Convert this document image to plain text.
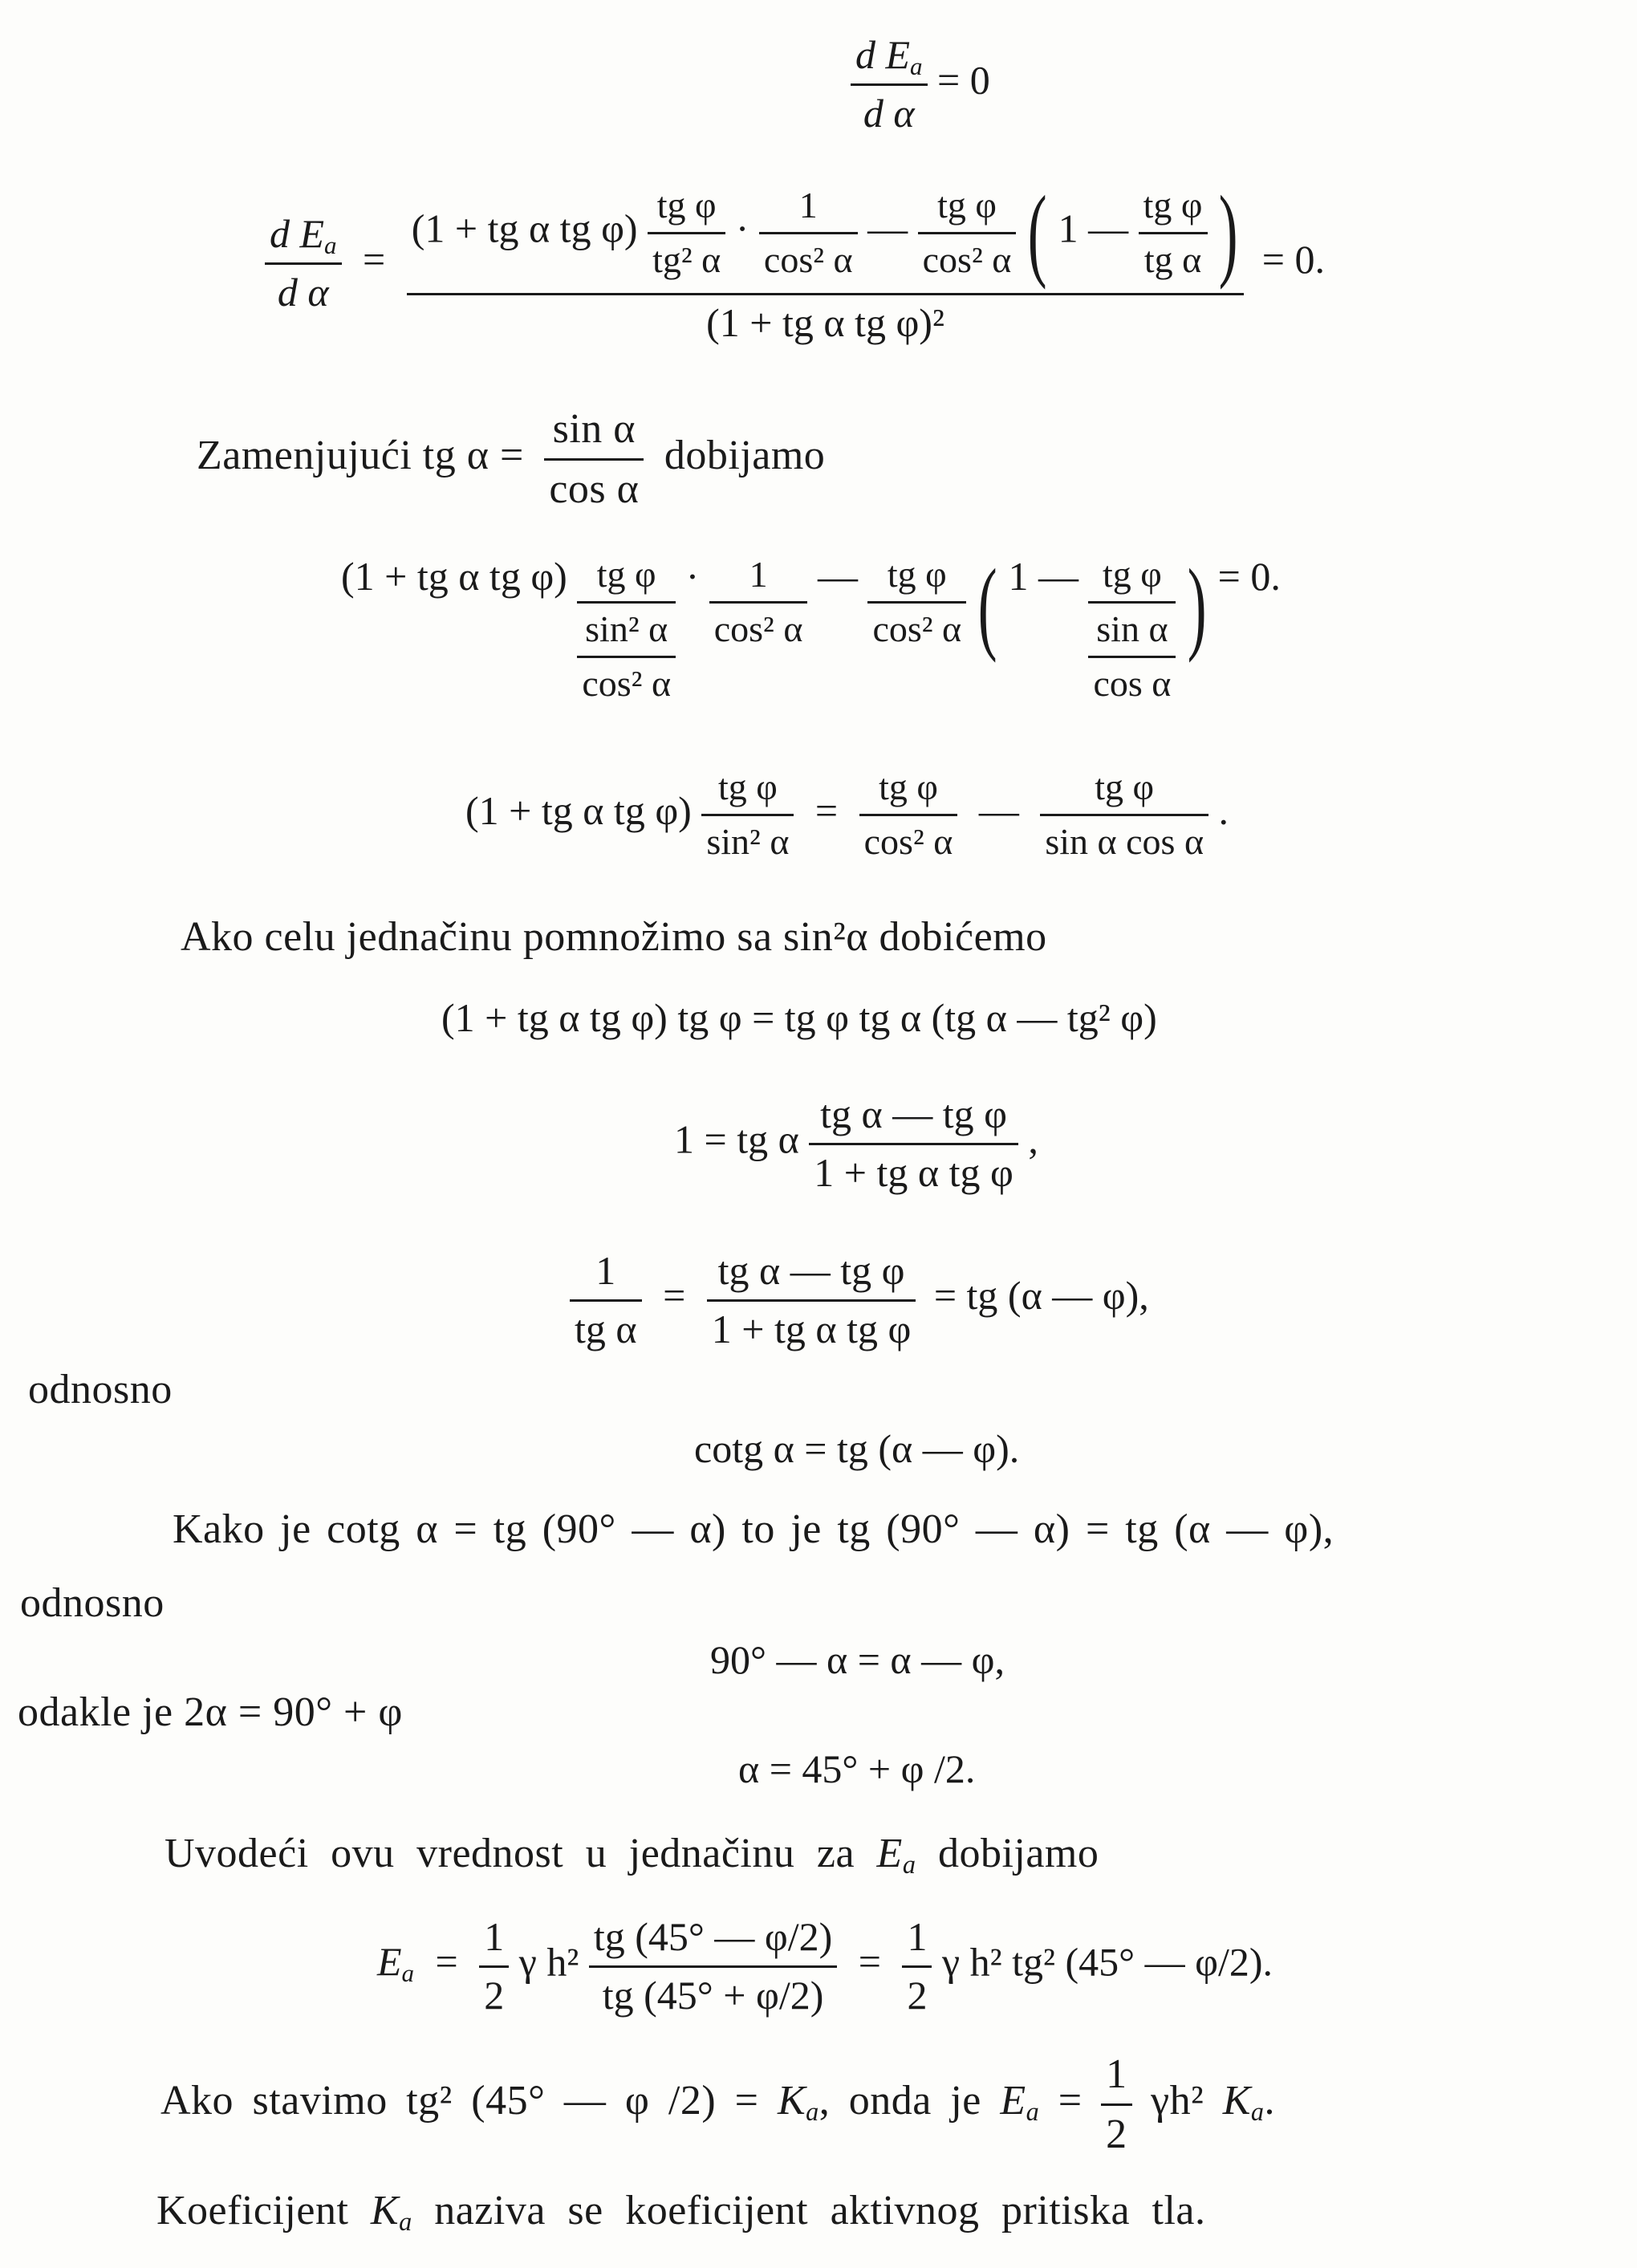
$\frac{d E_a}{\text{d α}} = 0$
$\frac{d E_a}{\text{d α}}$ =
(1 + tg α tg $\varphi) \frac{\text{tg φ}}{\text{tg² α}} \cdot \frac{1}{\text{cos² α}}$ — $\frac{\text{tg φ}}{\text{cos² α}}$ ( 1 — $\frac{\text{tg φ}}{\text{tg α}}$ )
(1 + tg α tg φ)²
= 0.
Zamenjujući tg $\alpha = \frac{\text{sin α}}{\text{cos α}}$ dobijamo
(1 + tg α tg φ) tg φ
sin² α
cos² α
· $\frac{1}{\text{cos² α}}$ — $\frac{\text{tg φ}}{\text{cos² α}}$ ( 1 — tg φ
sin α
cos α
) = 0.
(1 + tg α tg $\varphi) \frac{\text{tg φ}}{\text{sin² α}} = \frac{\text{tg φ}}{\text{cos² α}}$ — $\frac{\text{tg φ}}{\text{sin α cos α}}$ .
Ako celu jednačinu pomnožimo sa sin²α dobićemo
(1 + tg α tg φ) tg φ = tg φ tg α (tg α — tg² φ)
1 = tg α $\frac{\text{tg α — tg φ}}{\text{1 + tg α tg φ}}$ ,
$\frac{1}{\text{tg α}} = \frac{\text{tg α — tg φ}}{\text{1 + tg α tg φ}}$ = tg (α — φ),
odnosno
cotg α = tg (α — φ).
Kako je cotg α = tg (90° — α) to je tg (90° — α) = tg (α — φ),
odnosno
90° — α = α — φ,
odakle je 2α = 90° + φ
α = 45° + φ /2.
Uvodeći ovu vrednost u jednačinu za $E_a$ dobijamo
$E_a = \frac{1}{2}$ γ $h^2 \frac{tg (45^\circ — \varphi/2)}{tg (45^\circ + \varphi/2)} = \frac{1}{2}$ γ h² tg² (45° — φ/2).
Ako stavimo tg² (45° — φ $/2) = K_a$, onda je $E_a = \frac{1}{2} \gamma h^2$ $K_a$.
Koeficijent $K_a$ naziva se koeficijent aktivnog pritiska tla.
